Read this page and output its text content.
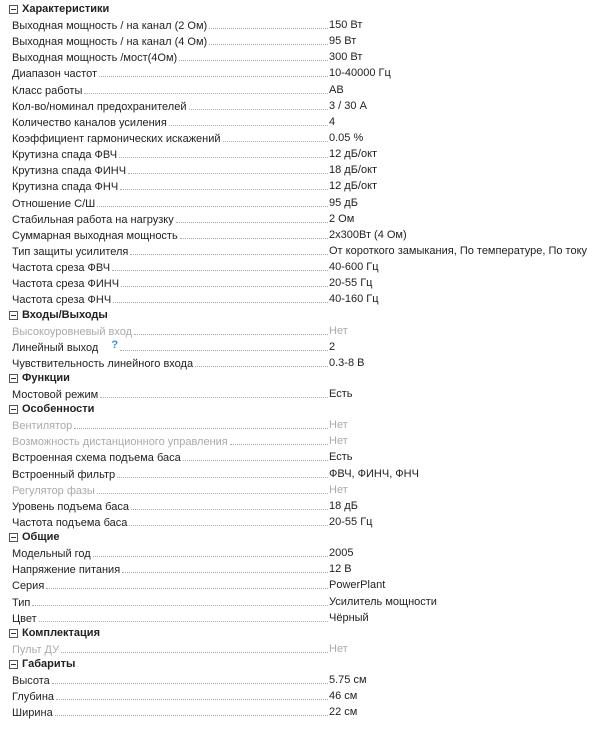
Характеристики
Выходная мощность / на канал (2 Ом)	150 Вт
Выходная мощность / на канал (4 Ом)	95 Вт
Выходная мощность /мост(4Ом)	300 Вт
Диапазон частот	10-40000 Гц
Класс работы	AB
Кол-во/номинал предохранителей	3 / 30 А
Количество каналов усиления	4
Коэффициент гармонических искажений	0.05 %
Крутизна спада ФВЧ	12 дБ/окт
Крутизна спада ФИНЧ	18 дБ/окт
Крутизна спада ФНЧ	12 дБ/окт
Отношение С/Ш	95 дБ
Стабильная работа на нагрузку	2 Ом
Суммарная выходная мощность	2x300Вт (4 Ом)
Тип защиты усилителя	От короткого замыкания, По температуре, По току
Частота среза ФВЧ	40-600 Гц
Частота среза ФИНЧ	20-55 Гц
Частота среза ФНЧ	40-160 Гц
Входы/Выходы
Высокоуровневый вход	Нет
Линейный выход ?	2
Чувствительность линейного входа	0.3-8 В
Функции
Мостовой режим	Есть
Особенности
Вентилятор	Нет
Возможность дистанционного управления	Нет
Встроенная схема подъема баса	Есть
Встроенный фильтр	ФВЧ, ФИНЧ, ФНЧ
Регулятор фазы	Нет
Уровень подъема баса	18 дБ
Частота подъема баса	20-55 Гц
Общие
Модельный год	2005
Напряжение питания	12 В
Серия	PowerPlant
Тип	Усилитель мощности
Цвет	Чёрный
Комплектация
Пульт ДУ	Нет
Габариты
Высота	5.75 см
Глубина	46 см
Ширина	22 см
